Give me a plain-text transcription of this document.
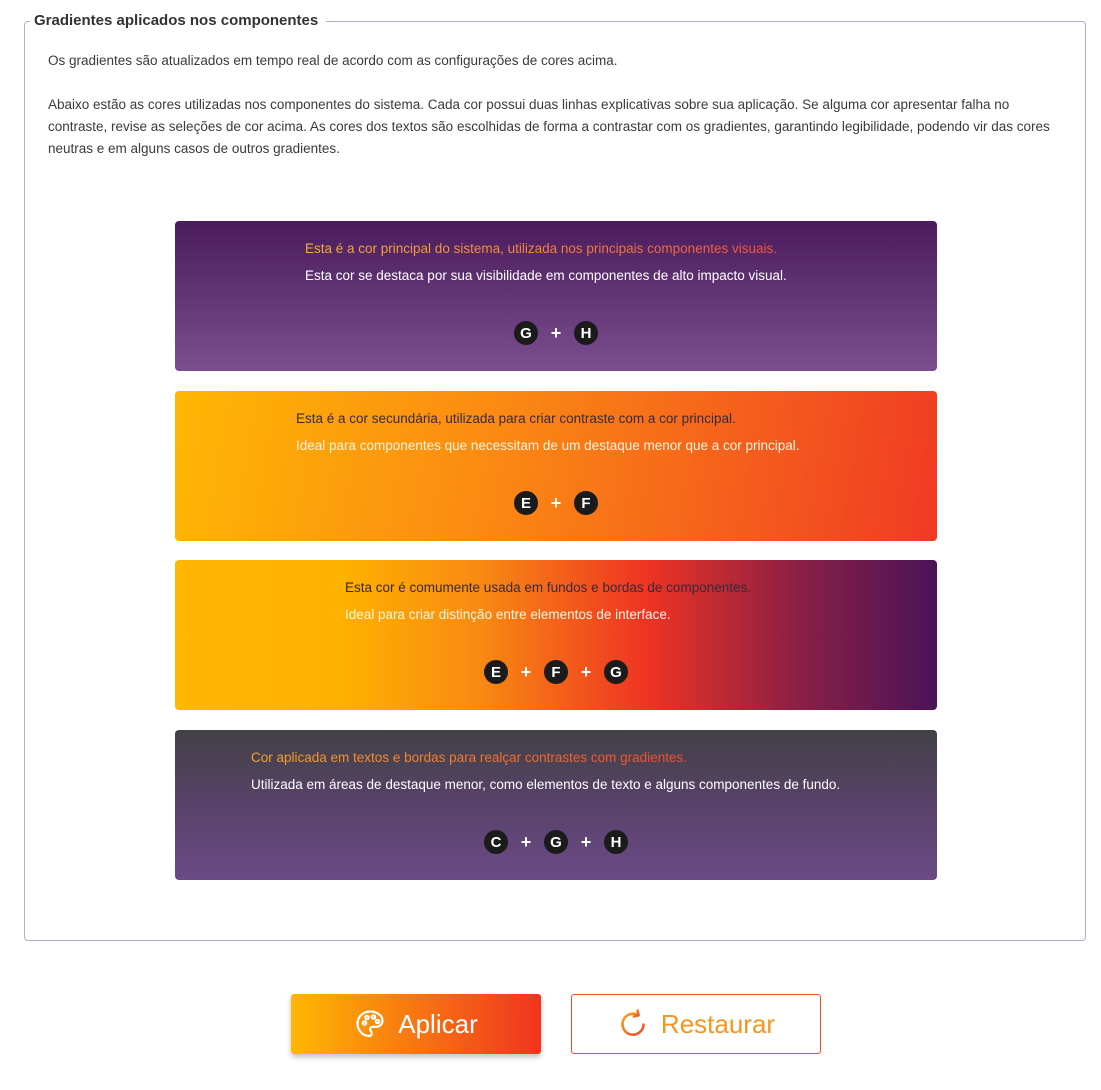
Gradientes aplicados nos componentes

Os gradientes são atualizados em tempo real de acordo com as configurações de cores acima.

Abaixo estão as cores utilizadas nos componentes do sistema. Cada cor possui duas linhas explicativas sobre sua aplicação. Se alguma cor apresentar falha no contraste, revise as seleções de cor acima. As cores dos textos são escolhidas de forma a contrastar com os gradientes, garantindo legibilidade, podendo vir das cores neutras e em alguns casos de outros gradientes.

Esta é a cor principal do sistema, utilizada nos principais componentes visuais.
Esta cor se destaca por sua visibilidade em componentes de alto impacto visual.
G	+	H
Esta é a cor secundária, utilizada para criar contraste com a cor principal.
Ideal para componentes que necessitam de um destaque menor que a cor principal.
E	+	F
Esta cor é comumente usada em fundos e bordas de componentes.
Ideal para criar distinção entre elementos de interface.
E	+	F	+	G
Cor aplicada em textos e bordas para realçar contrastes com gradientes.
Utilizada em áreas de destaque menor, como elementos de texto e alguns componentes de fundo.
C	+	G	+	H
Aplicar	Restaurar
